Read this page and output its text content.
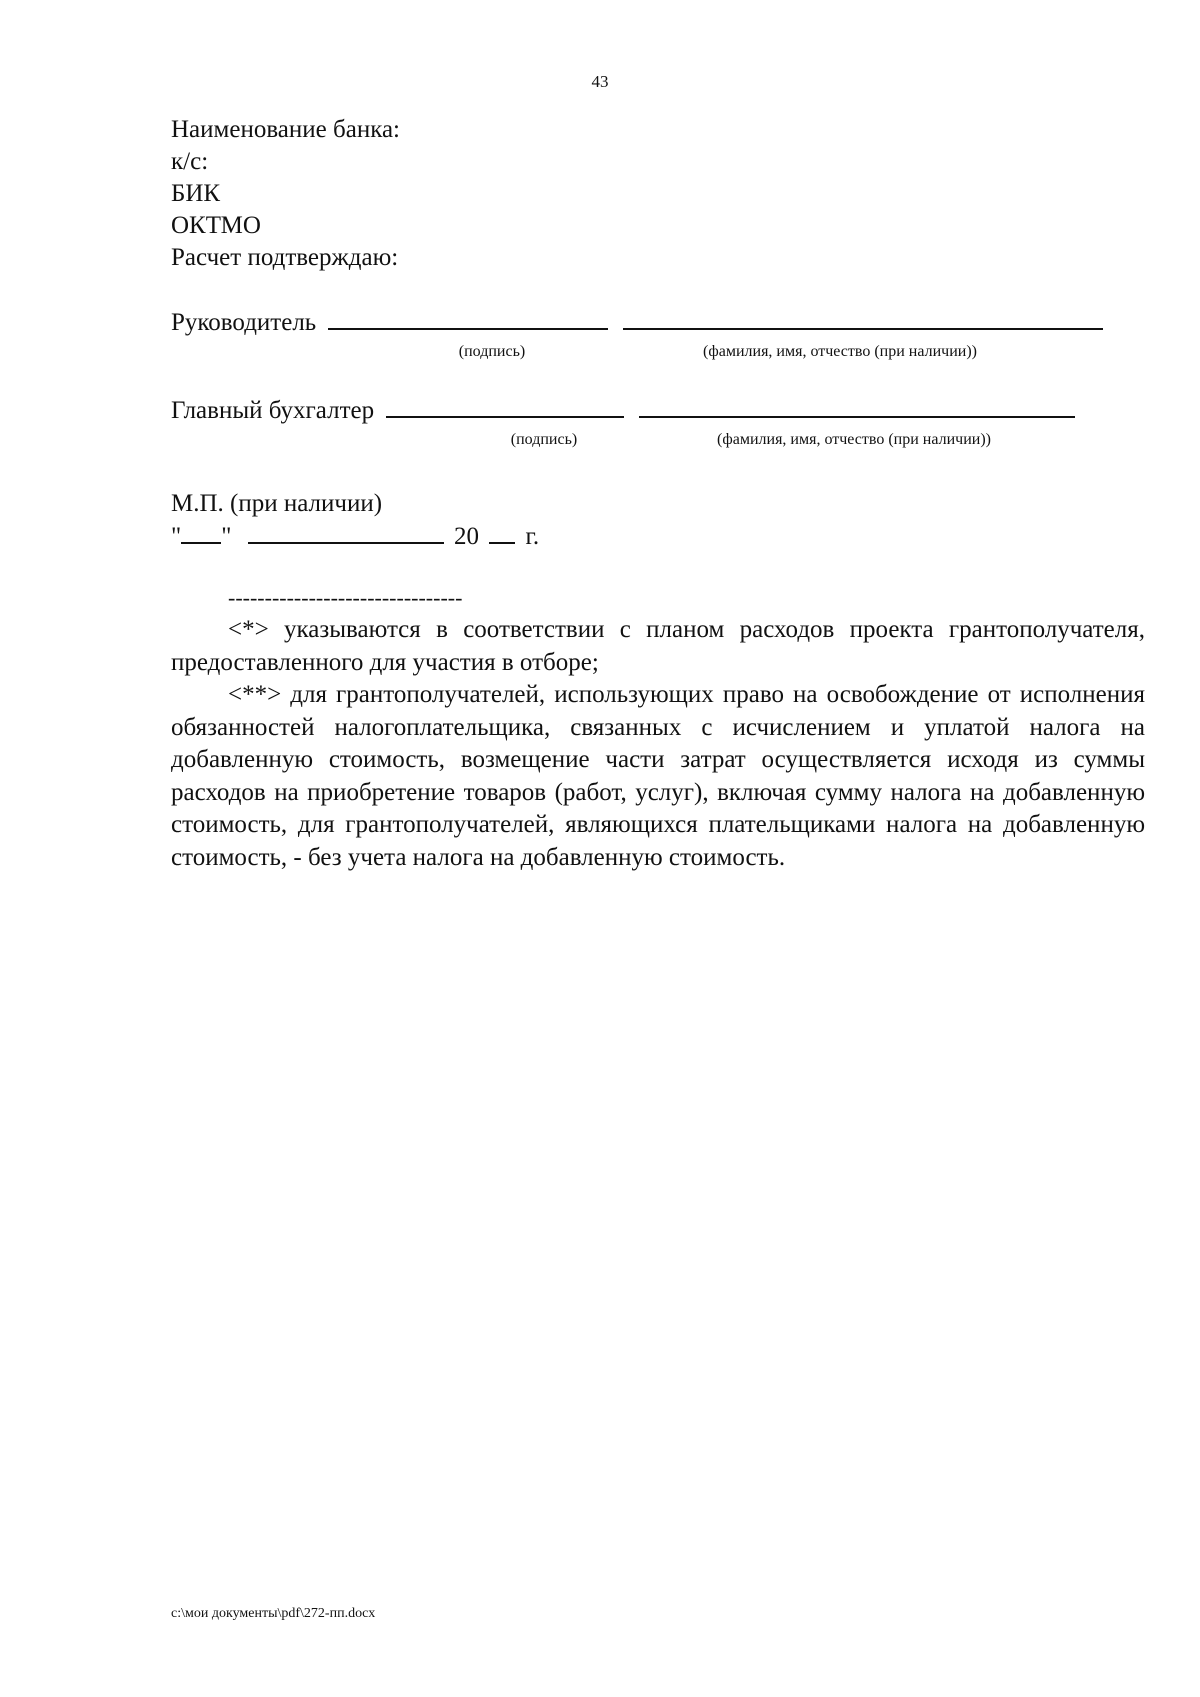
43
Наименование банка:
к/с:
БИК
ОКТМО
Расчет подтверждаю:
Руководитель
(подпись)	(фамилия, имя, отчество (при наличии))
Главный бухгалтер
(подпись)	(фамилия, имя, отчество (при наличии))
М.П. (при наличии)
" "	20 г.
--------------------------------

<*> указываются в соответствии с планом расходов проекта грантополучателя, предоставленного для участия в отборе;

<**> для грантополучателей, использующих право на освобождение от исполнения обязанностей налогоплательщика, связанных с исчислением и уплатой налога на добавленную стоимость, возмещение части затрат осуществляется исходя из суммы расходов на приобретение товаров (работ, услуг), включая сумму налога на добавленную стоимость, для грантополучателей, являющихся плательщиками налога на добавленную стоимость, - без учета налога на добавленную стоимость.

c:\мои документы\pdf\272-пп.docx
